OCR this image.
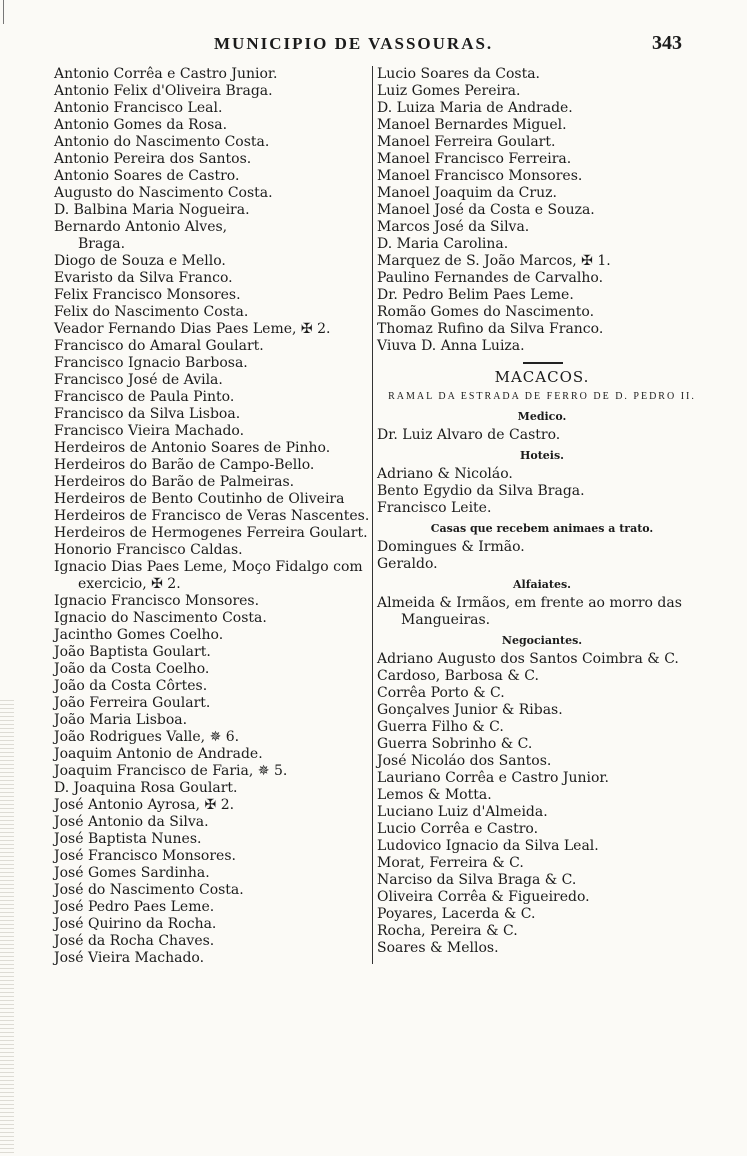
MUNICIPIO DE VASSOURAS.	343
Antonio Corrêa e Castro Junior.
Antonio Felix d'Oliveira Braga.
Antonio Francisco Leal.
Antonio Gomes da Rosa.
Antonio do Nascimento Costa.
Antonio Pereira dos Santos.
Antonio Soares de Castro.
Augusto do Nascimento Costa.
D. Balbina Maria Nogueira.
Bernardo Antonio Alves,
Braga.
Diogo de Souza e Mello.
Evaristo da Silva Franco.
Felix Francisco Monsores.
Felix do Nascimento Costa.
Veador Fernando Dias Paes Leme, ✠ 2.
Francisco do Amaral Goulart.
Francisco Ignacio Barbosa.
Francisco José de Avila.
Francisco de Paula Pinto.
Francisco da Silva Lisboa.
Francisco Vieira Machado.
Herdeiros de Antonio Soares de Pinho.
Herdeiros do Barão de Campo-Bello.
Herdeiros do Barão de Palmeiras.
Herdeiros de Bento Coutinho de Oliveira
Herdeiros de Francisco de Veras Nascentes.
Herdeiros de Hermogenes Ferreira Goulart.
Honorio Francisco Caldas.
Ignacio Dias Paes Leme, Moço Fidalgo com
exercicio, ✠ 2.
Ignacio Francisco Monsores.
Ignacio do Nascimento Costa.
Jacintho Gomes Coelho.
João Baptista Goulart.
João da Costa Coelho.
João da Costa Côrtes.
João Ferreira Goulart.
João Maria Lisboa.
João Rodrigues Valle, ✵ 6.
Joaquim Antonio de Andrade.
Joaquim Francisco de Faria, ✵ 5.
D. Joaquina Rosa Goulart.
José Antonio Ayrosa, ✠ 2.
José Antonio da Silva.
José Baptista Nunes.
José Francisco Monsores.
José Gomes Sardinha.
José do Nascimento Costa.
José Pedro Paes Leme.
José Quirino da Rocha.
José da Rocha Chaves.
José Vieira Machado.
Lucio Soares da Costa.
Luiz Gomes Pereira.
D. Luiza Maria de Andrade.
Manoel Bernardes Miguel.
Manoel Ferreira Goulart.
Manoel Francisco Ferreira.
Manoel Francisco Monsores.
Manoel Joaquim da Cruz.
Manoel José da Costa e Souza.
Marcos José da Silva.
D. Maria Carolina.
Marquez de S. João Marcos, ✠ 1.
Paulino Fernandes de Carvalho.
Dr. Pedro Belim Paes Leme.
Romão Gomes do Nascimento.
Thomaz Rufino da Silva Franco.
Viuva D. Anna Luiza.
MACACOS.
RAMAL DA ESTRADA DE FERRO DE D. PEDRO II.
Medico.
Dr. Luiz Alvaro de Castro.
Hoteis.
Adriano & Nicoláo.
Bento Egydio da Silva Braga.
Francisco Leite.
Casas que recebem animaes a trato.
Domingues & Irmão.
Geraldo.
Alfaiates.
Almeida & Irmãos, em frente ao morro das
Mangueiras.
Negociantes.
Adriano Augusto dos Santos Coimbra & C.
Cardoso, Barbosa & C.
Corrêa Porto & C.
Gonçalves Junior & Ribas.
Guerra Filho & C.
Guerra Sobrinho & C.
José Nicoláo dos Santos.
Lauriano Corrêa e Castro Junior.
Lemos & Motta.
Luciano Luiz d'Almeida.
Lucio Corrêa e Castro.
Ludovico Ignacio da Silva Leal.
Morat, Ferreira & C.
Narciso da Silva Braga & C.
Oliveira Corrêa & Figueiredo.
Poyares, Lacerda & C.
Rocha, Pereira & C.
Soares & Mellos.
